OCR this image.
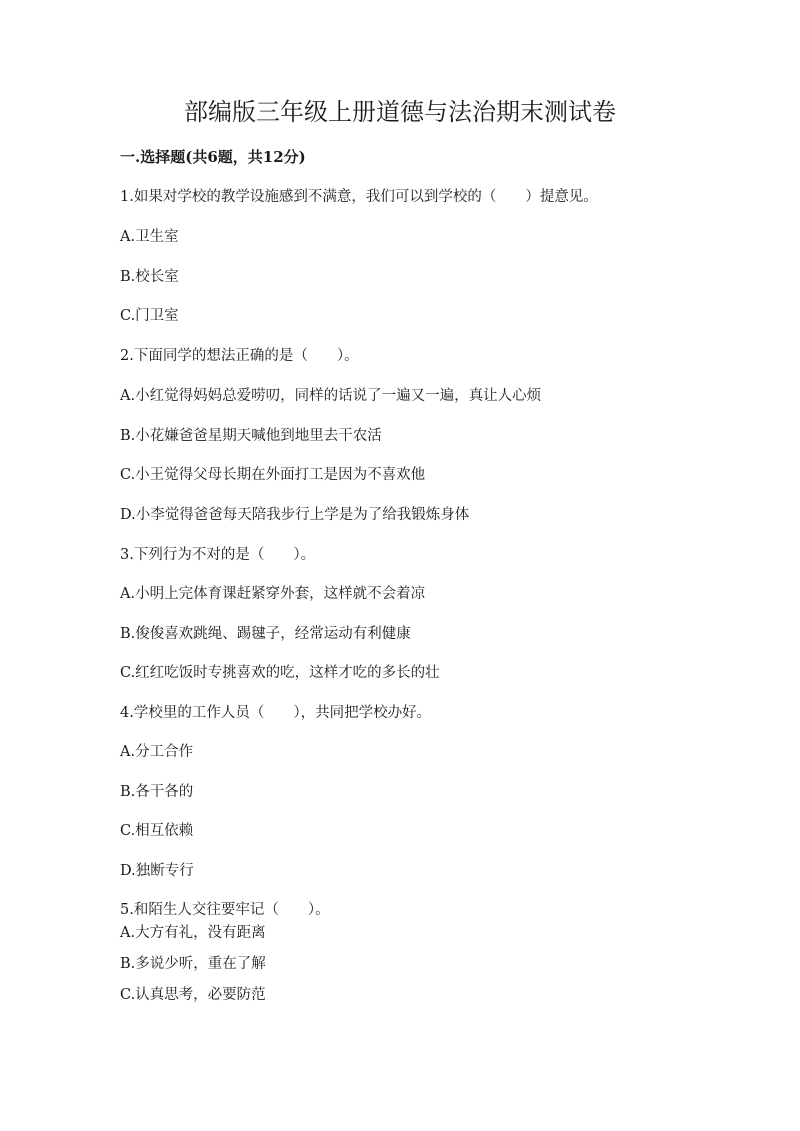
部编版三年级上册道德与法治期末测试卷
一.选择题(共6题，共12分)
1.如果对学校的教学设施感到不满意，我们可以到学校的（　　）提意见。
A.卫生室
B.校长室
C.门卫室
2.下面同学的想法正确的是（　　）。
A.小红觉得妈妈总爱唠叨，同样的话说了一遍又一遍，真让人心烦
B.小花嫌爸爸星期天喊他到地里去干农活
C.小王觉得父母长期在外面打工是因为不喜欢他
D.小李觉得爸爸每天陪我步行上学是为了给我锻炼身体
3.下列行为不对的是（　　）。
A.小明上完体育课赶紧穿外套，这样就不会着凉
B.俊俊喜欢跳绳、踢毽子，经常运动有利健康
C.红红吃饭时专挑喜欢的吃，这样才吃的多长的壮
4.学校里的工作人员（　　），共同把学校办好。
A.分工合作
B.各干各的
C.相互依赖
D.独断专行
5.和陌生人交往要牢记（　　）。
A.大方有礼，没有距离
B.多说少听，重在了解
C.认真思考，必要防范
